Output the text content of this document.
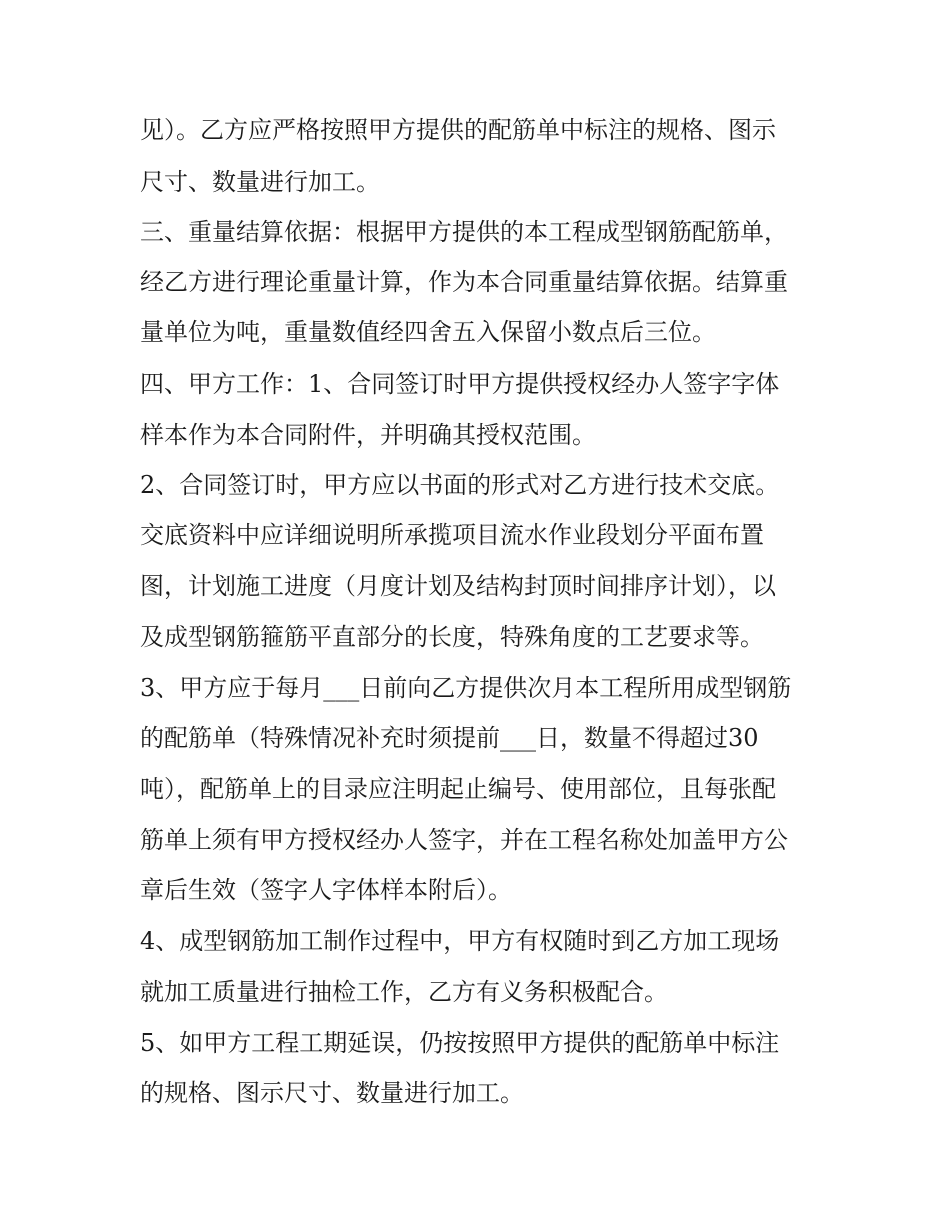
见）。乙方应严格按照甲方提供的配筋单中标注的规格、图示
尺寸、数量进行加工。
三、重量结算依据：根据甲方提供的本工程成型钢筋配筋单，
经乙方进行理论重量计算，作为本合同重量结算依据。结算重
量单位为吨，重量数值经四舍五入保留小数点后三位。
四、甲方工作：1、合同签订时甲方提供授权经办人签字字体
样本作为本合同附件，并明确其授权范围。
2、合同签订时，甲方应以书面的形式对乙方进行技术交底。
交底资料中应详细说明所承揽项目流水作业段划分平面布置
图，计划施工进度（月度计划及结构封顶时间排序计划），以
及成型钢筋箍筋平直部分的长度，特殊角度的工艺要求等。
3、甲方应于每月___日前向乙方提供次月本工程所用成型钢筋
的配筋单（特殊情况补充时须提前___日，数量不得超过30
吨），配筋单上的目录应注明起止编号、使用部位，且每张配
筋单上须有甲方授权经办人签字，并在工程名称处加盖甲方公
章后生效（签字人字体样本附后）。
4、成型钢筋加工制作过程中，甲方有权随时到乙方加工现场
就加工质量进行抽检工作，乙方有义务积极配合。
5、如甲方工程工期延误，仍按按照甲方提供的配筋单中标注
的规格、图示尺寸、数量进行加工。
